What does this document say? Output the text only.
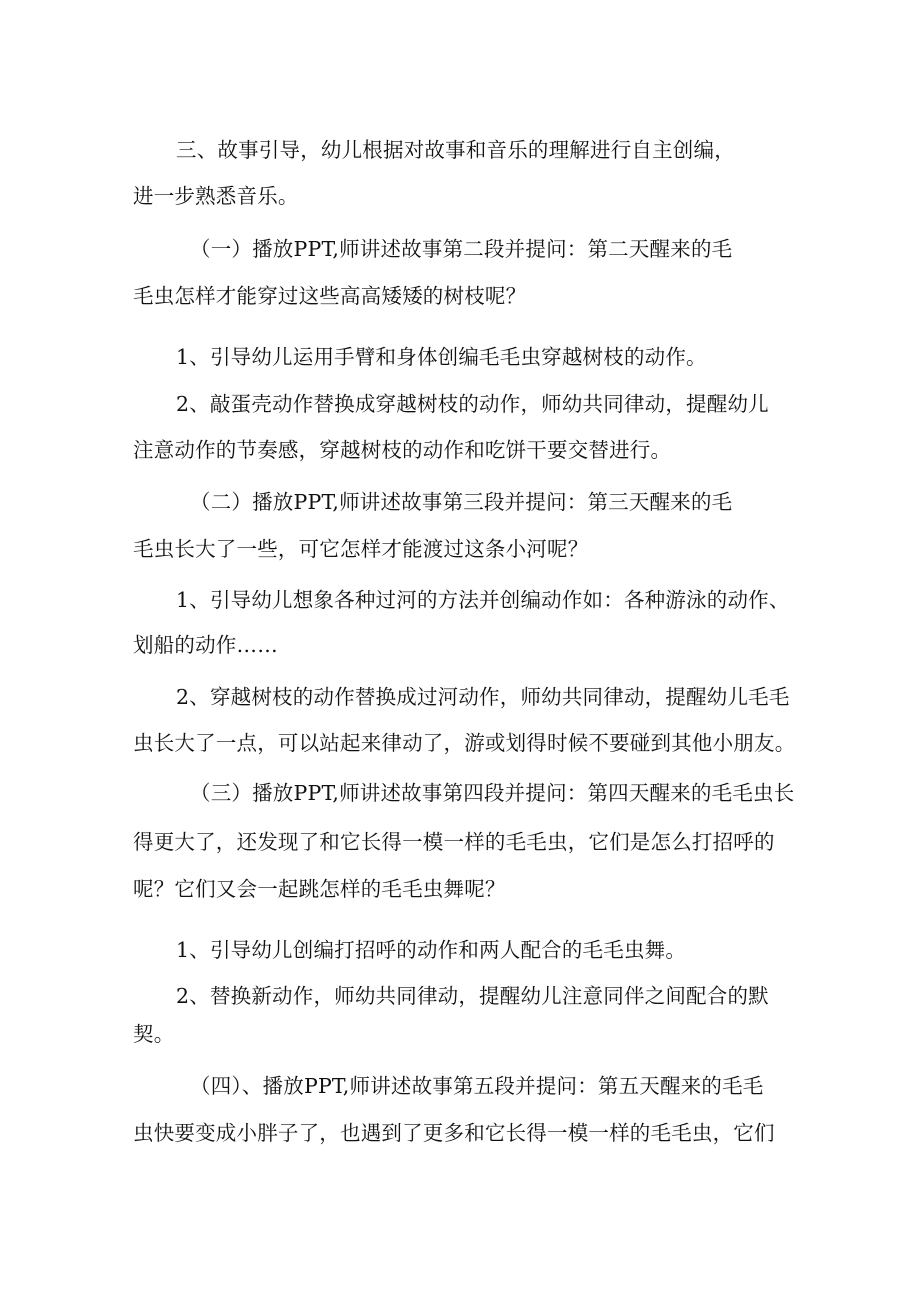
三、故事引导，幼儿根据对故事和音乐的理解进行自主创编，
进一步熟悉音乐。
（一）播放PPT,师讲述故事第二段并提问：第二天醒来的毛
毛虫怎样才能穿过这些高高矮矮的树枝呢？
1、引导幼儿运用手臂和身体创编毛毛虫穿越树枝的动作。
2、敲蛋壳动作替换成穿越树枝的动作，师幼共同律动，提醒幼儿
注意动作的节奏感，穿越树枝的动作和吃饼干要交替进行。
（二）播放PPT,师讲述故事第三段并提问：第三天醒来的毛
毛虫长大了一些，可它怎样才能渡过这条小河呢？
1、引导幼儿想象各种过河的方法并创编动作如：各种游泳的动作、
划船的动作……
2、穿越树枝的动作替换成过河动作，师幼共同律动，提醒幼儿毛毛
虫长大了一点，可以站起来律动了，游或划得时候不要碰到其他小朋友。
（三）播放PPT,师讲述故事第四段并提问：第四天醒来的毛毛虫长
得更大了，还发现了和它长得一模一样的毛毛虫，它们是怎么打招呼的
呢？它们又会一起跳怎样的毛毛虫舞呢？
1、引导幼儿创编打招呼的动作和两人配合的毛毛虫舞。
2、替换新动作，师幼共同律动，提醒幼儿注意同伴之间配合的默
契。
（四）、播放PPT,师讲述故事第五段并提问：第五天醒来的毛毛
虫快要变成小胖子了，也遇到了更多和它长得一模一样的毛毛虫，它们
